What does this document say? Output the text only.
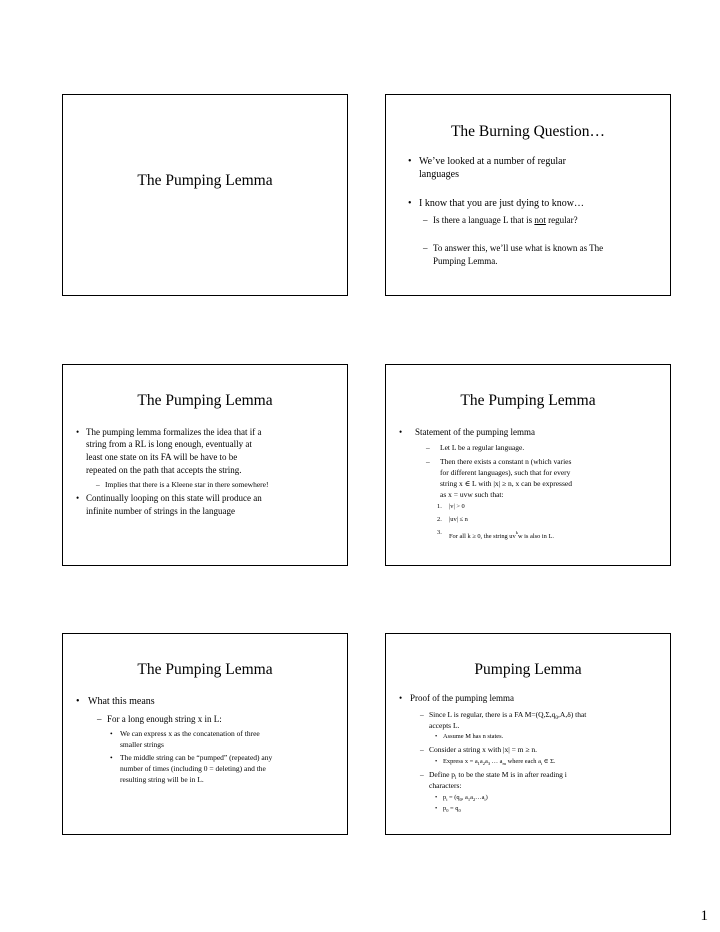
The Pumping Lemma
The Burning Question…
• We’ve looked at a number of regular
languages
• I know that you are just dying to know…
– Is there a language L that is not regular?
– To answer this, we’ll use what is known as The
Pumping Lemma.
The Pumping Lemma
• The pumping lemma formalizes the idea that if a
string from a RL is long enough, eventually at
least one state on its FA will be have to be
repeated on the path that accepts the string.
– Implies that there is a Kleene star in there somewhere!
• Continually looping on this state will produce an
infinite number of strings in the language
The Pumping Lemma
• Statement of the pumping lemma
– Let L be a regular language.
– Then there exists a constant n (which varies
for different languages), such that for every
string x ∈ L with |x| ≥ n, x can be expressed
as x = uvw such that:
1. |v| > 0
2. |uv| ≤ n
3.
For all k ≥ 0, the string $uv^kw$ is also in L.
The Pumping Lemma
• What this means
– For a long enough string x in L:
• We can express x as the concatenation of three
smaller strings
• The middle string can be “pumped” (repeated) any
number of times (including 0 = deleting) and the
resulting string will be in L.
Pumping Lemma
• Proof of the pumping lemma
– Since L is regular, there is a FA $M=(Q,\Sigma,q_0,A,\delta)$ that
accepts L.
• Assume M has n states.
– Consider a string x with |x| = m ≥ n.
• Express $x = a_1a_2a_3$ … $a_m$ where each $a_i$ ∈ Σ.
– Define $p_i$ to be the state M is in after reading i
characters:
• $p_i = (q_0$, $a_1a_2\dots a_i$)
• $p_0 = q_0$
1
